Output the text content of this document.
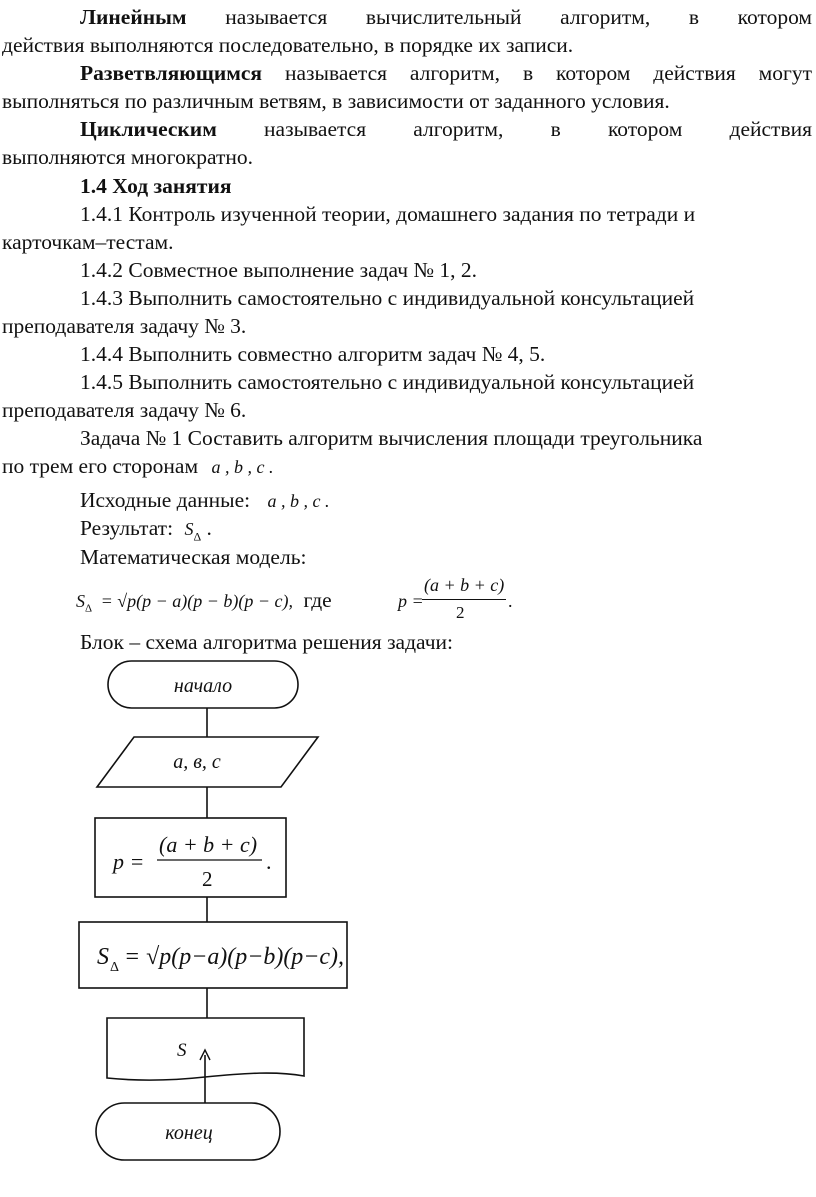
Линейным называется вычислительный алгоритм, в котором
действия выполняются последовательно, в порядке их записи.
Разветвляющимся называется алгоритм, в котором действия могут
выполняться по различным ветвям, в зависимости от заданного условия.
Циклическим называется алгоритм, в котором действия
выполняются многократно.
1.4 Ход занятия
1.4.1 Контроль изученной теории, домашнего задания по тетради и
карточкам–тестам.
1.4.2 Совместное выполнение задач № 1, 2.
1.4.3 Выполнить самостоятельно с индивидуальной консультацией
преподавателя задачу № 3.
1.4.4 Выполнить совместно алгоритм задач № 4, 5.
1.4.5 Выполнить самостоятельно с индивидуальной консультацией
преподавателя задачу № 6.
Задача № 1 Составить алгоритм вычисления площади треугольника
по трем его сторонам a , b , c .
Исходные данные: a , b , c .
Результат: $S_\Delta$ .
Математическая модель:
$S_\Delta = √p(p - a)(p - b)(p - c)$, где	p =
(a + b + c)
2
.
Блок – схема алгоритма решения задачи:
начало
a, в, c
p =
(a + b + c)
2
.
S Δ = √p(p−a)(p−b)(p−c),
S
конец
